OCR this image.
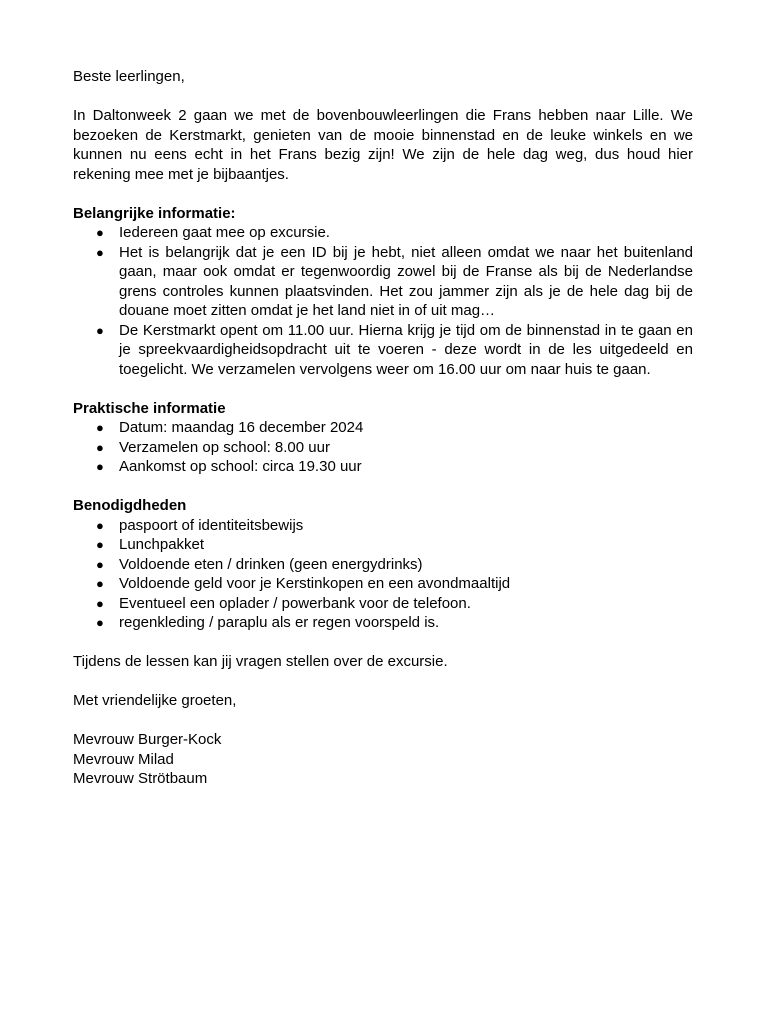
Beste leerlingen,

In Daltonweek 2 gaan we met de bovenbouwleerlingen die Frans hebben naar Lille. We bezoeken de Kerstmarkt, genieten van de mooie binnenstad en de leuke winkels en we kunnen nu eens echt in het Frans bezig zijn! We zijn de hele dag weg, dus houd hier rekening mee met je bijbaantjes.

Belangrijke informatie:

● Iedereen gaat mee op excursie.
● Het is belangrijk dat je een ID bij je hebt, niet alleen omdat we naar het buitenland gaan, maar ook omdat er tegenwoordig zowel bij de Franse als bij de Nederlandse grens controles kunnen plaatsvinden. Het zou jammer zijn als je de hele dag bij de douane moet zitten omdat je het land niet in of uit mag…
● De Kerstmarkt opent om 11.00 uur. Hierna krijg je tijd om de binnenstad in te gaan en je spreekvaardigheidsopdracht uit te voeren - deze wordt in de les uitgedeeld en toegelicht. We verzamelen vervolgens weer om 16.00 uur om naar huis te gaan.

Praktische informatie

● Datum: maandag 16 december 2024
● Verzamelen op school: 8.00 uur
● Aankomst op school: circa 19.30 uur

Benodigdheden

● paspoort of identiteitsbewijs
● Lunchpakket
● Voldoende eten / drinken (geen energydrinks)
● Voldoende geld voor je Kerstinkopen en een avondmaaltijd
● Eventueel een oplader / powerbank voor de telefoon.
● regenkleding / paraplu als er regen voorspeld is.

Tijdens de lessen kan jij vragen stellen over de excursie.

Met vriendelijke groeten,

Mevrouw Burger-Kock

Mevrouw Milad

Mevrouw Strötbaum
